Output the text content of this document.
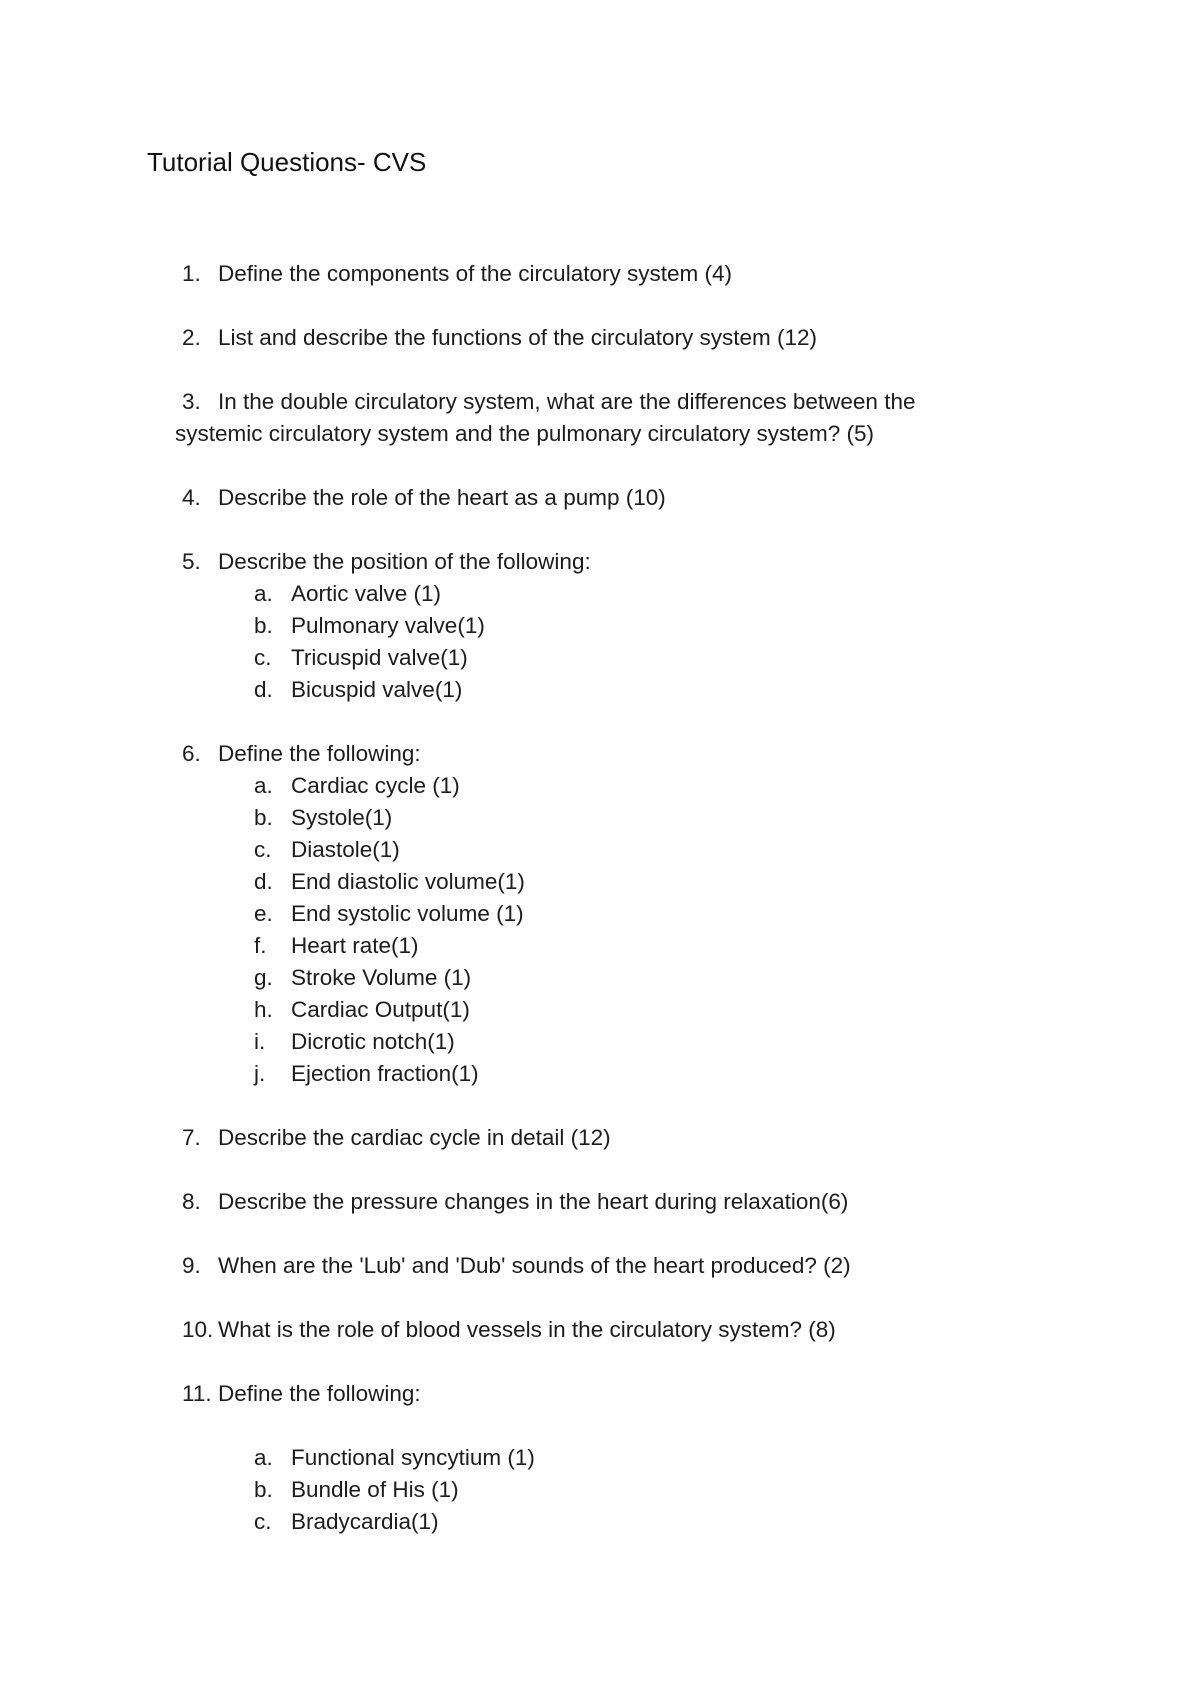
Tutorial Questions- CVS
1. Define the components of the circulatory system (4)
2. List and describe the functions of the circulatory system (12)
3. In the double circulatory system, what are the differences between the
systemic circulatory system and the pulmonary circulatory system? (5)
4. Describe the role of the heart as a pump (10)
5. Describe the position of the following:
a. Aortic valve (1)
b. Pulmonary valve(1)
c. Tricuspid valve(1)
d. Bicuspid valve(1)
6. Define the following:
a. Cardiac cycle (1)
b. Systole(1)
c. Diastole(1)
d. End diastolic volume(1)
e. End systolic volume (1)
f. Heart rate(1)
g. Stroke Volume (1)
h. Cardiac Output(1)
i. Dicrotic notch(1)
j. Ejection fraction(1)
7. Describe the cardiac cycle in detail (12)
8. Describe the pressure changes in the heart during relaxation(6)
9. When are the 'Lub' and 'Dub' sounds of the heart produced? (2)
10. What is the role of blood vessels in the circulatory system? (8)
11. Define the following:
a. Functional syncytium (1)
b. Bundle of His (1)
c. Bradycardia(1)
